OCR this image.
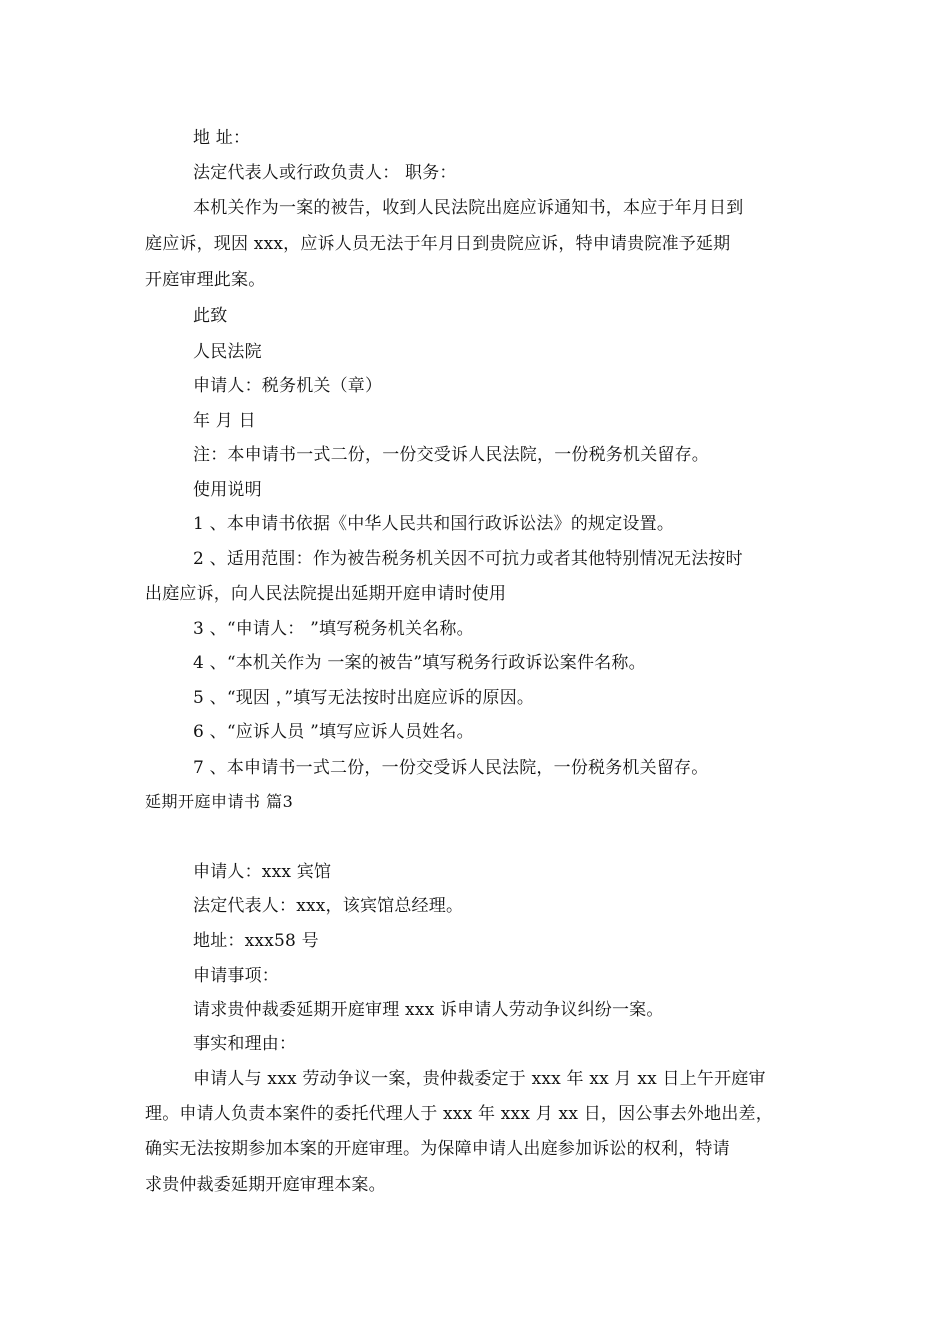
地 址：
法定代表人或行政负责人： 职务：
本机关作为一案的被告，收到人民法院出庭应诉通知书，本应于年月日到
庭应诉，现因 xxx，应诉人员无法于年月日到贵院应诉，特申请贵院准予延期
开庭审理此案。
此致
人民法院
申请人：税务机关（章）
年 月 日
注：本申请书一式二份，一份交受诉人民法院，一份税务机关留存。
使用说明
1 、本申请书依据《中华人民共和国行政诉讼法》的规定设置。
2 、适用范围：作为被告税务机关因不可抗力或者其他特别情况无法按时
出庭应诉，向人民法院提出延期开庭申请时使用
3 、“申请人： ”填写税务机关名称。
4 、“本机关作为 一案的被告”填写税务行政诉讼案件名称。
5 、“现因 ，”填写无法按时出庭应诉的原因。
6 、“应诉人员 ”填写应诉人员姓名。
7 、本申请书一式二份，一份交受诉人民法院，一份税务机关留存。
延期开庭申请书 篇3
申请人：xxx 宾馆
法定代表人：xxx，该宾馆总经理。
地址：xxx58 号
申请事项：
请求贵仲裁委延期开庭审理 xxx 诉申请人劳动争议纠纷一案。
事实和理由：
申请人与 xxx 劳动争议一案，贵仲裁委定于 xxx 年 xx 月 xx 日上午开庭审
理。申请人负责本案件的委托代理人于 xxx 年 xxx 月 xx 日，因公事去外地出差，
确实无法按期参加本案的开庭审理。为保障申请人出庭参加诉讼的权利，特请
求贵仲裁委延期开庭审理本案。
